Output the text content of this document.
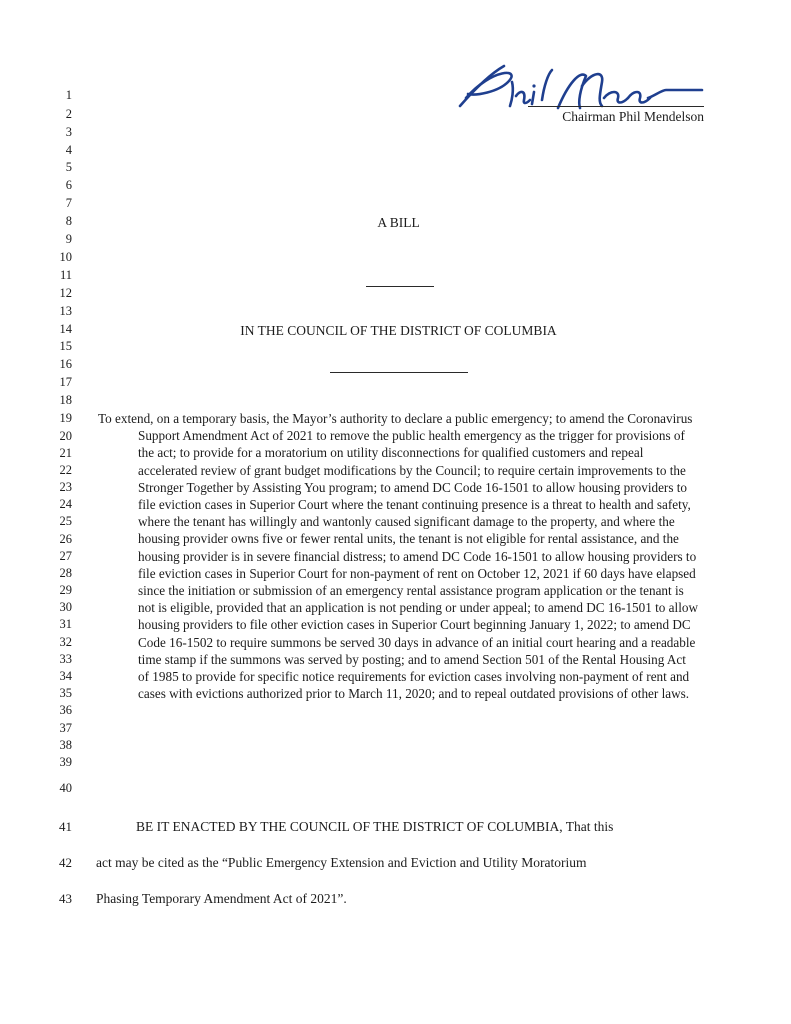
Chairman Phil Mendelson
1
2
3
4
5
6
7
8
9
10
11
12
13
14
15
16
17
18
19
20
21
22
23
24
25
26
27
28
29
30
31
32
33
34
35
36
37
38
39
40
A BILL
IN THE COUNCIL OF THE DISTRICT OF COLUMBIA

To extend, on a temporary basis, the Mayor’s authority to declare a public emergency; to amend the Coronavirus Support Amendment Act of 2021 to remove the public health emergency as the trigger for provisions of the act; to provide for a moratorium on utility disconnections for qualified customers and repeal accelerated review of grant budget modifications by the Council; to require certain improvements to the Stronger Together by Assisting You program; to amend DC Code 16-1501 to allow housing providers to file eviction cases in Superior Court where the tenant continuing presence is a threat to health and safety, where the tenant has willingly and wantonly caused significant damage to the property, and where the housing provider owns five or fewer rental units, the tenant is not eligible for rental assistance, and the housing provider is in severe financial distress; to amend DC Code 16-1501 to allow housing providers to file eviction cases in Superior Court for non-payment of rent on October 12, 2021 if 60 days have elapsed since the initiation or submission of an emergency rental assistance program application or the tenant is not is eligible, provided that an application is not pending or under appeal; to amend DC 16-1501 to allow housing providers to file other eviction cases in Superior Court beginning January 1, 2022; to amend DC Code 16-1502 to require summons be served 30 days in advance of an initial court hearing and a readable time stamp if the summons was served by posting; and to amend Section 501 of the Rental Housing Act of 1985 to provide for specific notice requirements for eviction cases involving non-payment of rent and cases with evictions authorized prior to March 11, 2020; and to repeal outdated provisions of other laws.

41	BE IT ENACTED BY THE COUNCIL OF THE DISTRICT OF COLUMBIA, That this
42 act may be cited as the “Public Emergency Extension and Eviction and Utility Moratorium
43 Phasing Temporary Amendment Act of 2021”.
